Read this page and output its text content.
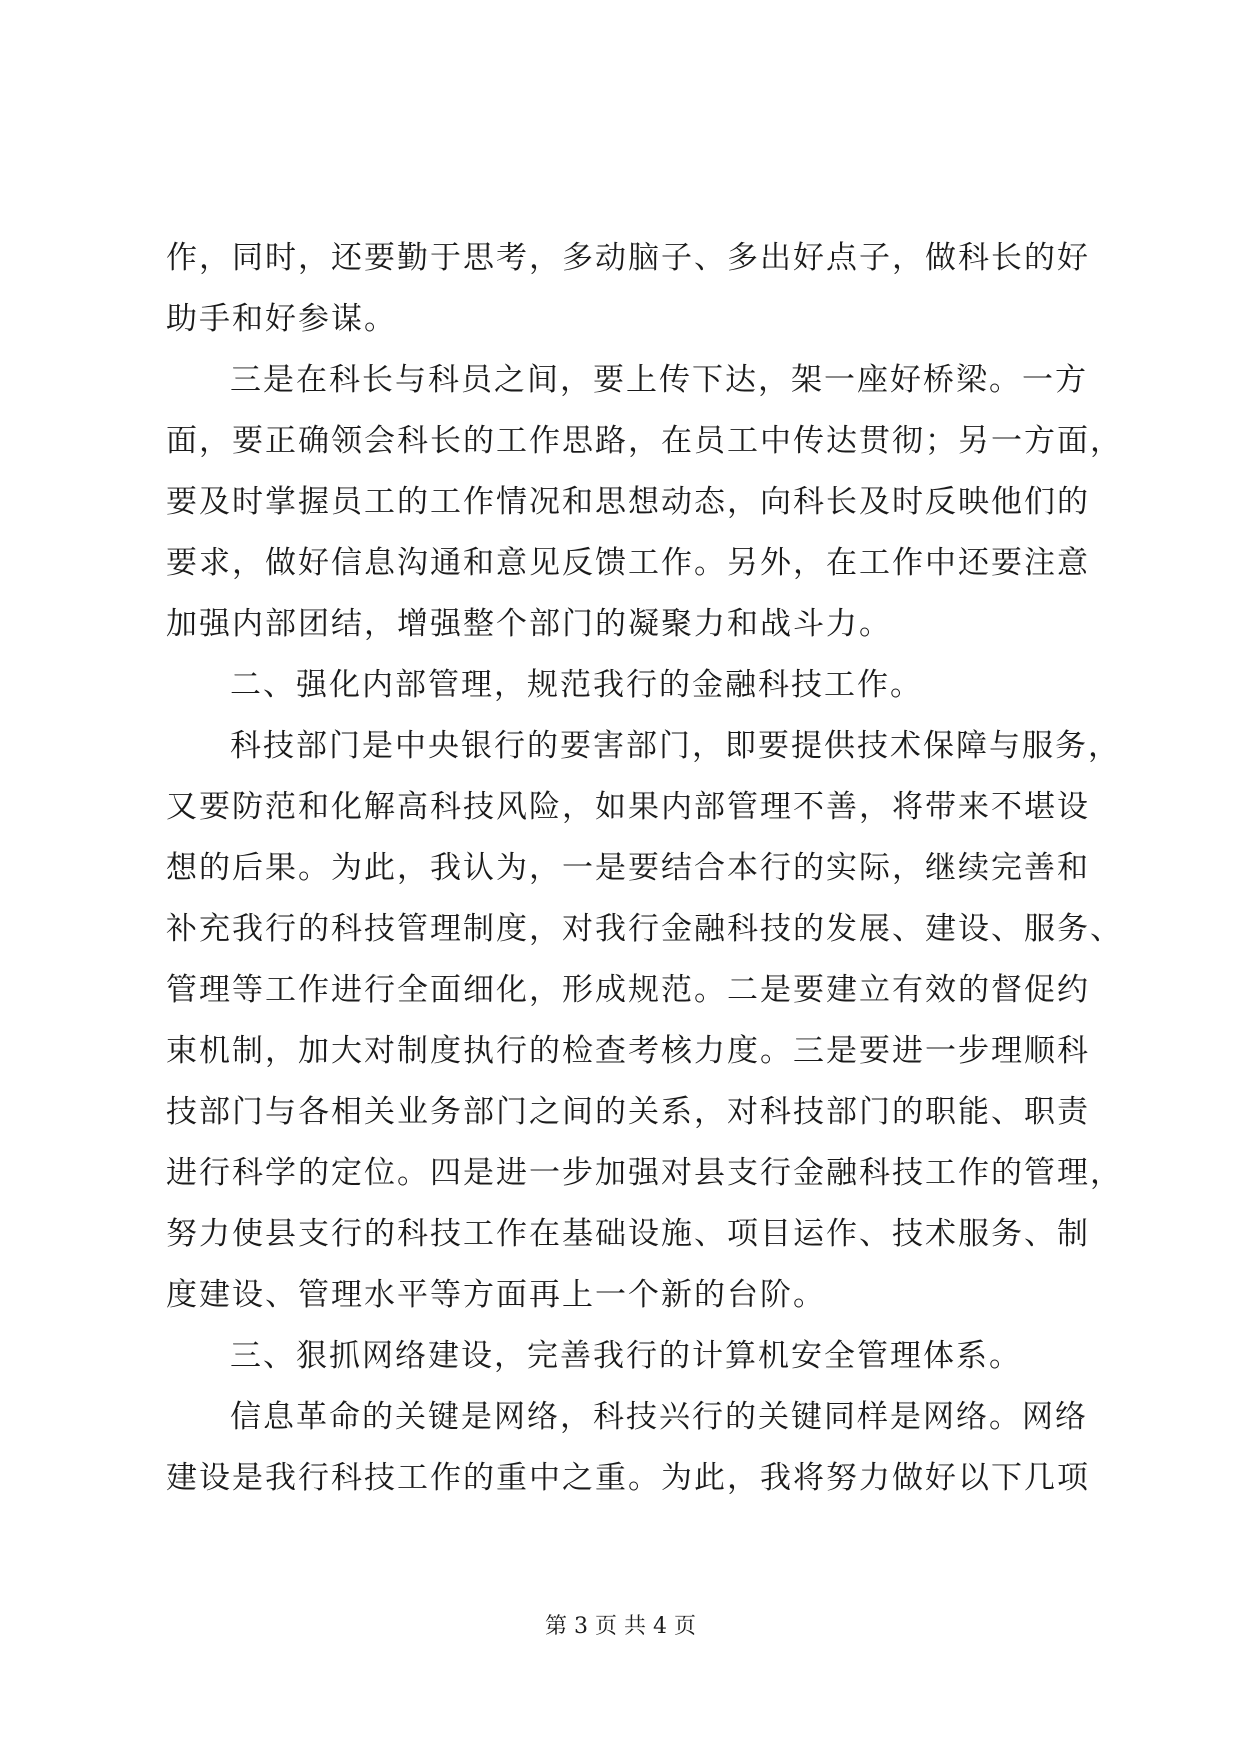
作，同时，还要勤于思考，多动脑子、多出好点子，做科长的好
助手和好参谋。
三是在科长与科员之间，要上传下达，架一座好桥梁。一方
面，要正确领会科长的工作思路，在员工中传达贯彻；另一方面，
要及时掌握员工的工作情况和思想动态，向科长及时反映他们的
要求，做好信息沟通和意见反馈工作。另外，在工作中还要注意
加强内部团结，增强整个部门的凝聚力和战斗力。
二、强化内部管理，规范我行的金融科技工作。
科技部门是中央银行的要害部门，即要提供技术保障与服务，
又要防范和化解高科技风险，如果内部管理不善，将带来不堪设
想的后果。为此，我认为，一是要结合本行的实际，继续完善和
补充我行的科技管理制度，对我行金融科技的发展、建设、服务、
管理等工作进行全面细化，形成规范。二是要建立有效的督促约
束机制，加大对制度执行的检查考核力度。三是要进一步理顺科
技部门与各相关业务部门之间的关系，对科技部门的职能、职责
进行科学的定位。四是进一步加强对县支行金融科技工作的管理，
努力使县支行的科技工作在基础设施、项目运作、技术服务、制
度建设、管理水平等方面再上一个新的台阶。
三、狠抓网络建设，完善我行的计算机安全管理体系。
信息革命的关键是网络，科技兴行的关键同样是网络。网络
建设是我行科技工作的重中之重。为此，我将努力做好以下几项
第 3 页 共 4 页
